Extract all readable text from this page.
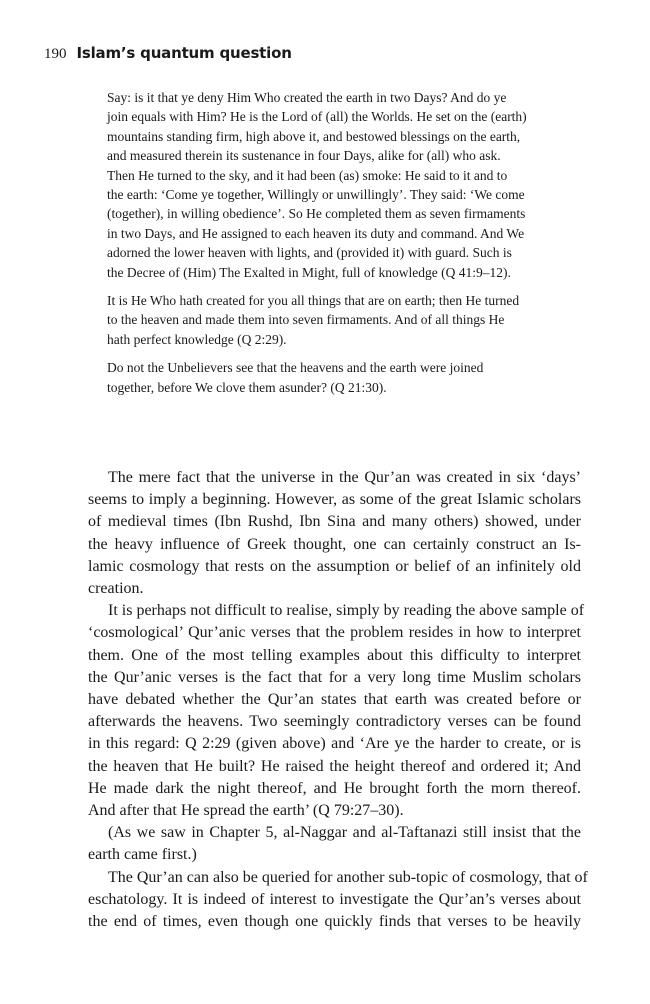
190 Islam’s quantum question
Say: is it that ye deny Him Who created the earth in two Days? And do ye
join equals with Him? He is the Lord of (all) the Worlds. He set on the (earth)
mountains standing firm, high above it, and bestowed blessings on the earth,
and measured therein its sustenance in four Days, alike for (all) who ask.
Then He turned to the sky, and it had been (as) smoke: He said to it and to
the earth: ‘Come ye together, Willingly or unwillingly’. They said: ‘We come
(together), in willing obedience’. So He completed them as seven firmaments
in two Days, and He assigned to each heaven its duty and command. And We
adorned the lower heaven with lights, and (provided it) with guard. Such is
the Decree of (Him) The Exalted in Might, full of knowledge (Q 41:9–12).
It is He Who hath created for you all things that are on earth; then He turned
to the heaven and made them into seven firmaments. And of all things He
hath perfect knowledge (Q 2:29).
Do not the Unbelievers see that the heavens and the earth were joined
together, before We clove them asunder? (Q 21:30).
The mere fact that the universe in the Qur’an was created in six ‘days’
seems to imply a beginning. However, as some of the great Islamic scholars
of medieval times (Ibn Rushd, Ibn Sina and many others) showed, under
the heavy influence of Greek thought, one can certainly construct an Is-
lamic cosmology that rests on the assumption or belief of an infinitely old
creation.
It is perhaps not difficult to realise, simply by reading the above sample of
‘cosmological’ Qur’anic verses that the problem resides in how to interpret
them. One of the most telling examples about this difficulty to interpret
the Qur’anic verses is the fact that for a very long time Muslim scholars
have debated whether the Qur’an states that earth was created before or
afterwards the heavens. Two seemingly contradictory verses can be found
in this regard: Q 2:29 (given above) and ‘Are ye the harder to create, or is
the heaven that He built? He raised the height thereof and ordered it; And
He made dark the night thereof, and He brought forth the morn thereof.
And after that He spread the earth’ (Q 79:27–30).
(As we saw in Chapter 5, al-Naggar and al-Taftanazi still insist that the
earth came first.)
The Qur’an can also be queried for another sub-topic of cosmology, that of
eschatology. It is indeed of interest to investigate the Qur’an’s verses about
the end of times, even though one quickly finds that verses to be heavily
